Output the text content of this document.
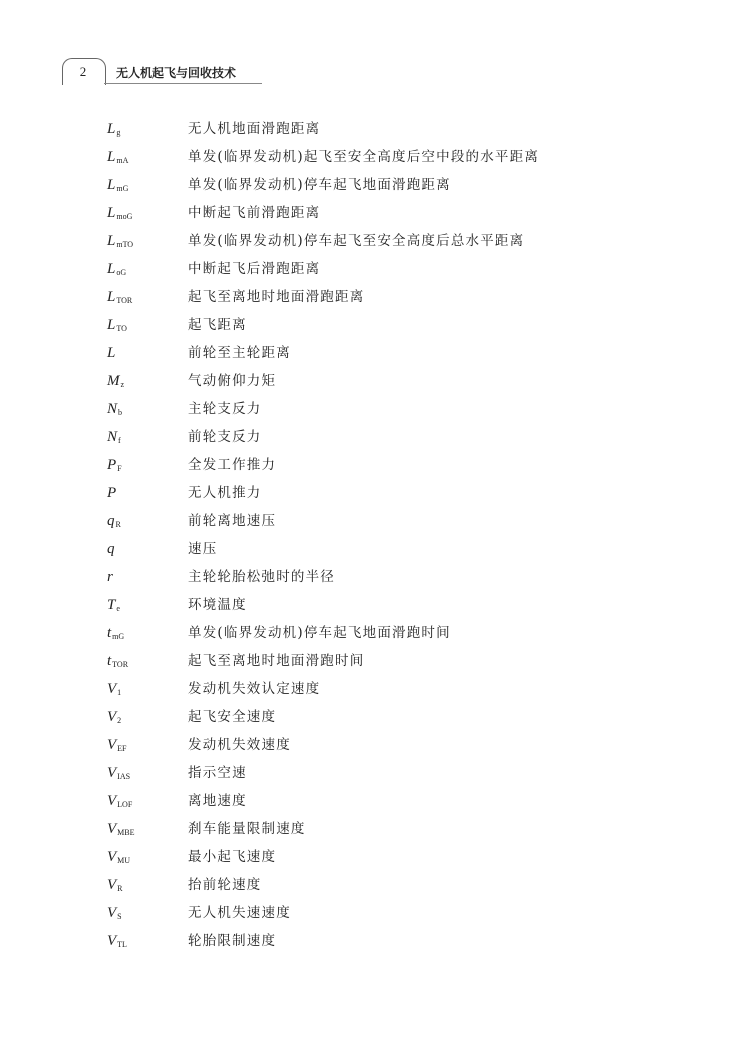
2	无人机起飞与回收技术
$L_g$	无人机地面滑跑距离
$L_{mA}$	单发(临界发动机)起飞至安全高度后空中段的水平距离
$L_{mG}$	单发(临界发动机)停车起飞地面滑跑距离
$L_{moG}$	中断起飞前滑跑距离
$L_{mTO}$	单发(临界发动机)停车起飞至安全高度后总水平距离
$L_{oG}$	中断起飞后滑跑距离
$L_{TOR}$	起飞至离地时地面滑跑距离
$L_{TO}$	起飞距离
L	前轮至主轮距离
$M_z$	气动俯仰力矩
$N_b$	主轮支反力
$N_f$	前轮支反力
$P_F$	全发工作推力
P	无人机推力
$q_R$	前轮离地速压
q	速压
r	主轮轮胎松弛时的半径
$T_e$	环境温度
$t_{mG}$	单发(临界发动机)停车起飞地面滑跑时间
$t_{TOR}$	起飞至离地时地面滑跑时间
$V_1$	发动机失效认定速度
$V_2$	起飞安全速度
$V_{EF}$	发动机失效速度
$V_{IAS}$	指示空速
$V_{LOF}$	离地速度
$V_{MBE}$	刹车能量限制速度
$V_{MU}$	最小起飞速度
$V_R$	抬前轮速度
$V_S$	无人机失速速度
$V_{TL}$	轮胎限制速度
